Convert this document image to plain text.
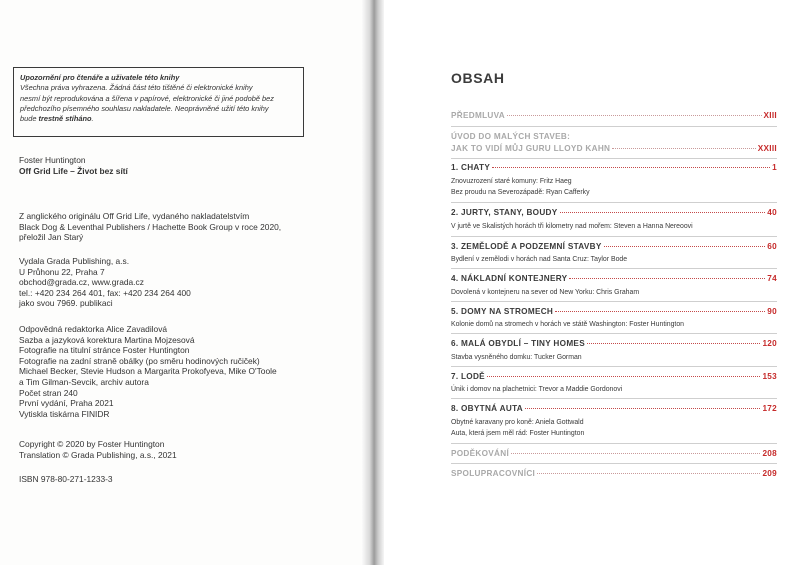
Upozornění pro čtenáře a uživatele této knihy
Všechna práva vyhrazena. Žádná část této tištěné či elektronické knihy
nesmí být reprodukována a šířena v papírové, elektronické či jiné podobě bez
předchozího písemného souhlasu nakladatele. Neoprávněné užití této knihy
bude trestně stíháno.
Foster Huntington
Off Grid Life – Život bez sítí
Z anglického originálu Off Grid Life, vydaného nakladatelstvím
Black Dog & Leventhal Publishers / Hachette Book Group v roce 2020,
přeložil Jan Starý
Vydala Grada Publishing, a.s.
U Průhonu 22, Praha 7
obchod@grada.cz, www.grada.cz
tel.: +420 234 264 401, fax: +420 234 264 400
jako svou 7969. publikaci
Odpovědná redaktorka Alice Zavadilová
Sazba a jazyková korektura Martina Mojzesová
Fotografie na titulní stránce Foster Huntington
Fotografie na zadní straně obálky (po směru hodinových ručiček)
Michael Becker, Stevie Hudson a Margarita Prokofyeva, Mike O'Toole
a Tim Gilman-Sevcik, archiv autora
Počet stran 240
První vydání, Praha 2021
Vytiskla tiskárna FINIDR
Copyright © 2020 by Foster Huntington
Translation © Grada Publishing, a.s., 2021
ISBN 978-80-271-1233-3
OBSAH
PŘEDMLUVA	XIII
ÚVOD DO MALÝCH STAVEB:
JAK TO VIDÍ MŮJ GURU LLOYD KAHN	XXIII
1. CHATY	1
Znovuzrození staré komuny: Fritz Haeg
Bez proudu na Severozápadě: Ryan Cafferky
2. JURTY, STANY, BOUDY	40
V jurtě ve Skalistých horách tři kilometry nad mořem: Steven a Hanna Nereoovi
3. ZEMĚLODĚ A PODZEMNÍ STAVBY	60
Bydlení v zemělodi v horách nad Santa Cruz: Taylor Bode
4. NÁKLADNÍ KONTEJNERY	74
Dovolená v kontejneru na sever od New Yorku: Chris Graham
5. DOMY NA STROMECH	90
Kolonie domů na stromech v horách ve státě Washington: Foster Huntington
6. MALÁ OBYDLÍ – TINY HOMES	120
Stavba vysněného domku: Tucker Gorman
7. LODĚ	153
Únik i domov na plachetnici: Trevor a Maddie Gordonovi
8. OBYTNÁ AUTA	172
Obytné karavany pro koně: Aniela Gottwald
Auta, která jsem měl rád: Foster Huntington
PODĚKOVÁNÍ	208
SPOLUPRACOVNÍCI	209
